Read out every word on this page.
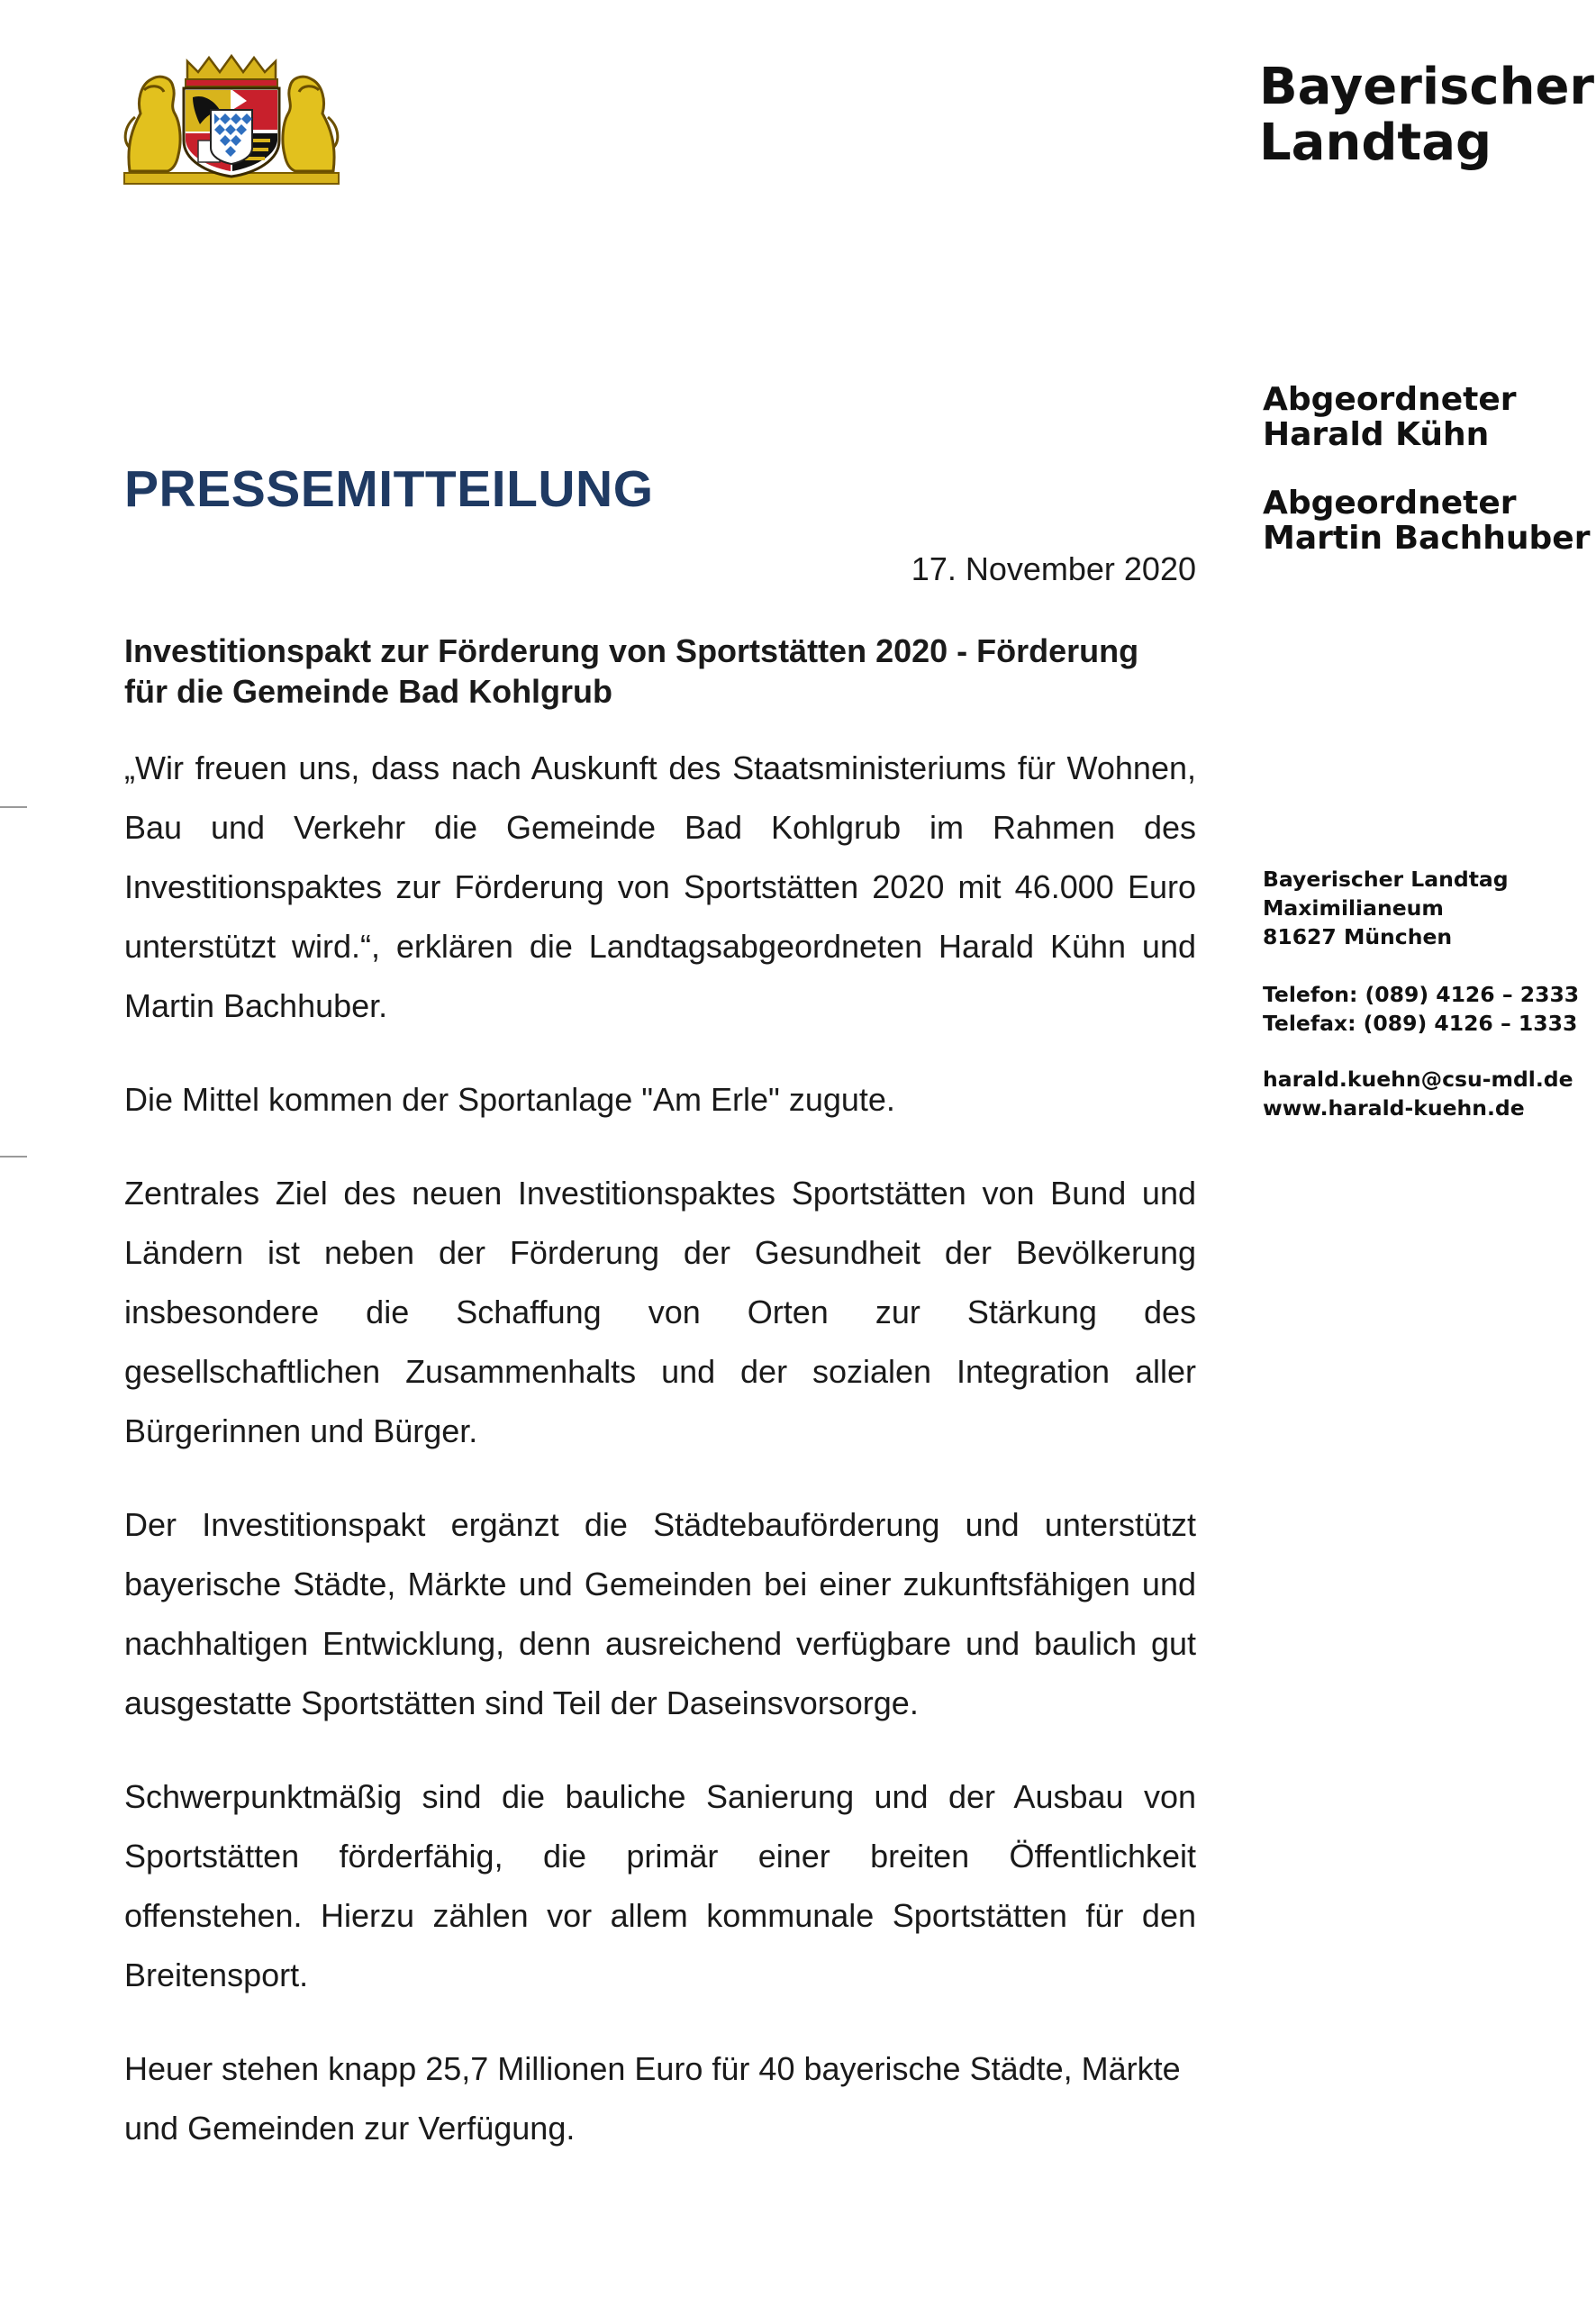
Bayerischer
Landtag
Abgeordneter
Harald Kühn
Abgeordneter
Martin Bachhuber
Bayerischer Landtag
Maximilianeum
81627 München
Telefon: (089) 4126 – 2333
Telefax: (089) 4126 – 1333
harald.kuehn@csu-mdl.de
www.harald-kuehn.de
PRESSEMITTEILUNG
17. November 2020
Investitionspakt zur Förderung von Sportstätten 2020 - Förderung
für die Gemeinde Bad Kohlgrub

„Wir freuen uns, dass nach Auskunft des Staatsministeriums für Wohnen, Bau und Verkehr die Gemeinde Bad Kohlgrub im Rahmen des Investitionspaktes zur Förderung von Sportstätten 2020 mit 46.000 Euro unterstützt wird.“, erklären die Landtagsabgeordneten Harald Kühn und Martin Bachhuber.

Die Mittel kommen der Sportanlage "Am Erle" zugute.

Zentrales Ziel des neuen Investitionspaktes Sportstätten von Bund und Ländern ist neben der Förderung der Gesundheit der Bevölkerung insbesondere die Schaffung von Orten zur Stärkung des gesellschaftlichen Zusammenhalts und der sozialen Integration aller Bürgerinnen und Bürger.

Der Investitionspakt ergänzt die Städtebauförderung und unterstützt bayerische Städte, Märkte und Gemeinden bei einer zukunftsfähigen und nachhaltigen Entwicklung, denn ausreichend verfügbare und baulich gut ausgestatte Sportstätten sind Teil der Daseinsvorsorge.

Schwerpunktmäßig sind die bauliche Sanierung und der Ausbau von Sportstätten förderfähig, die primär einer breiten Öffentlichkeit offenstehen. Hierzu zählen vor allem kommunale Sportstätten für den Breitensport.

Heuer stehen knapp 25,7 Millionen Euro für 40 bayerische Städte, Märkte und Gemeinden zur Verfügung.
